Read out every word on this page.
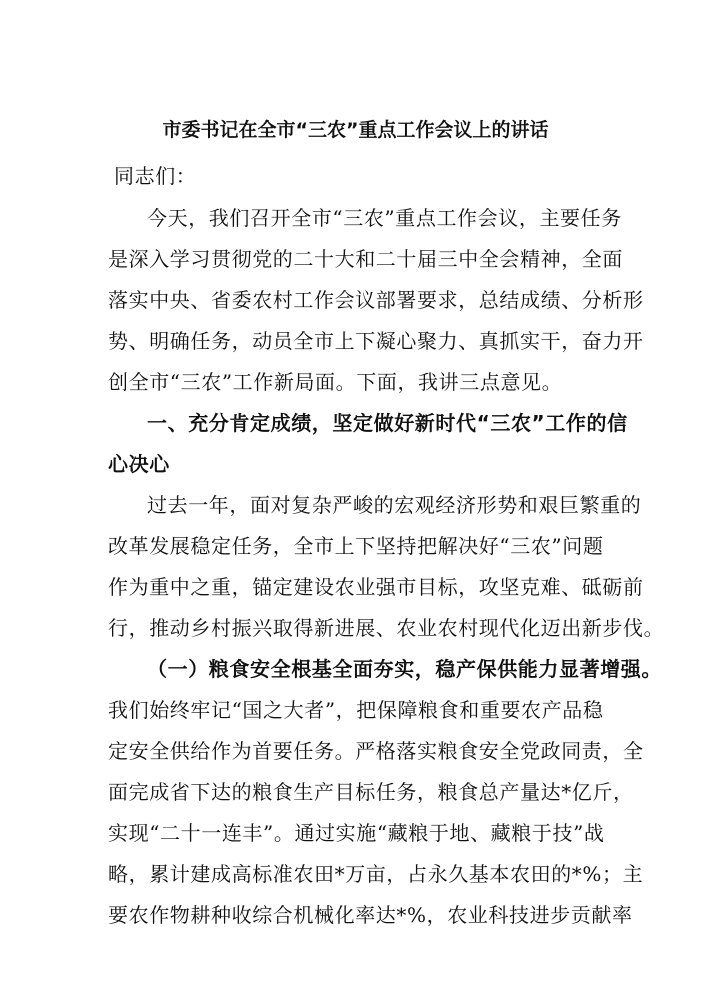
市委书记在全市“三农”重点工作会议上的讲话
同志们：
今天，我们召开全市“三农”重点工作会议，主要任务
是深入学习贯彻党的二十大和二十届三中全会精神，全面
落实中央、省委农村工作会议部署要求，总结成绩、分析形
势、明确任务，动员全市上下凝心聚力、真抓实干，奋力开
创全市“三农”工作新局面。下面，我讲三点意见。
一、充分肯定成绩，坚定做好新时代“三农”工作的信
心决心
过去一年，面对复杂严峻的宏观经济形势和艰巨繁重的
改革发展稳定任务，全市上下坚持把解决好“三农”问题
作为重中之重，锚定建设农业强市目标，攻坚克难、砥砺前
行，推动乡村振兴取得新进展、农业农村现代化迈出新步伐。
（一）粮食安全根基全面夯实，稳产保供能力显著增强。
我们始终牢记“国之大者”，把保障粮食和重要农产品稳
定安全供给作为首要任务。严格落实粮食安全党政同责，全
面完成省下达的粮食生产目标任务，粮食总产量达*亿斤，
实现“二十一连丰”。通过实施“藏粮于地、藏粮于技”战
略，累计建成高标准农田*万亩，占永久基本农田的*%；主
要农作物耕种收综合机械化率达*%，农业科技进步贡献率
